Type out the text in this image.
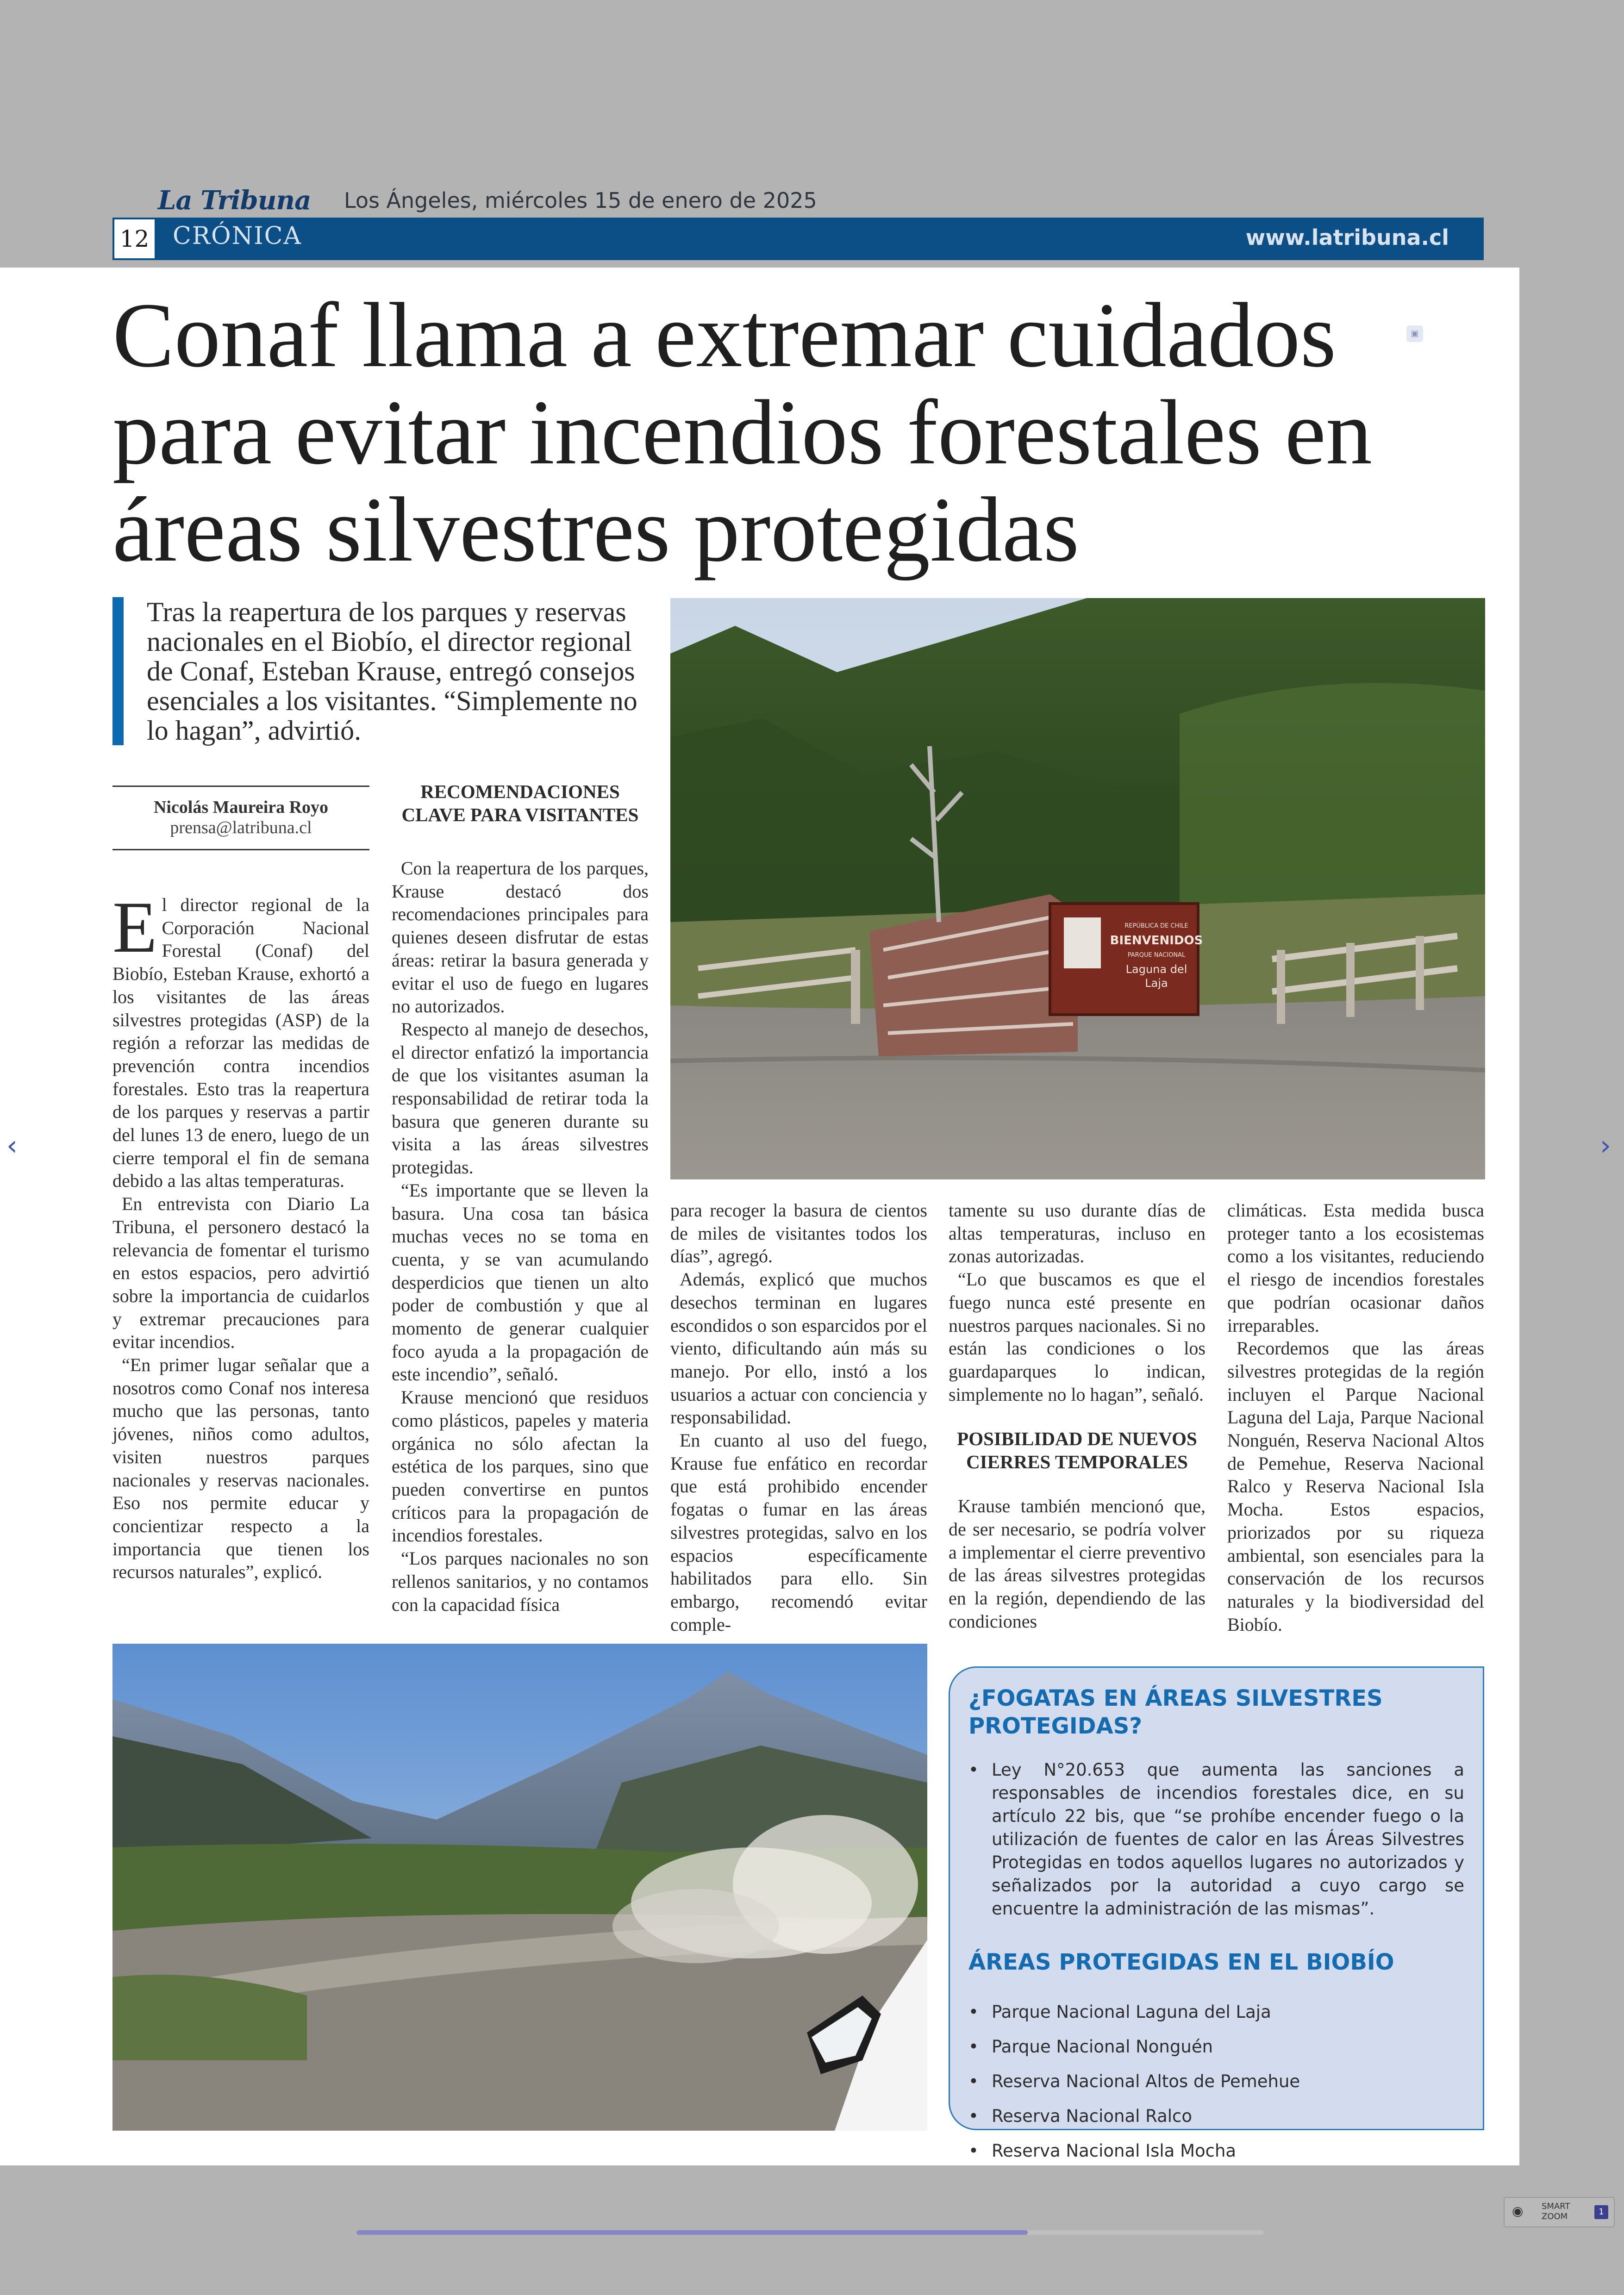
La Tribuna Los Ángeles, miércoles 15 de enero de 2025
12 CRÓNICA	www.latribuna.cl
Conaf llama a extremar cuidados para evitar incendios forestales en áreas silvestres protegidas
▣
Tras la reapertura de los parques y reservas nacionales en el Biobío, el director regional de Conaf, Esteban Krause, entregó consejos esenciales a los visitantes. “Simplemente no lo hagan”, advirtió.
REPÚBLICA DE CHILE
BIENVENIDOS
PARQUE NACIONAL
Laguna del
Laja
Nicolás Maureira Royo
prensa@latribuna.cl

El director regional de la Corporación Nacional Forestal (Conaf) del Biobío, Esteban Krause, exhortó a los visitantes de las áreas silvestres protegidas (ASP) de la región a reforzar las medidas de prevención contra incendios forestales. Esto tras la reapertura de los parques y reservas a partir del lunes 13 de enero, luego de un cierre temporal el fin de semana debido a las altas temperaturas.

En entrevista con Diario La Tribuna, el personero destacó la relevancia de fomentar el turismo en estos espacios, pero advirtió sobre la importancia de cuidarlos y extremar precauciones para evitar incendios.

“En primer lugar señalar que a nosotros como Conaf nos interesa mucho que las personas, tanto jóvenes, niños como adultos, visiten nuestros parques nacionales y reservas nacionales. Eso nos permite educar y concientizar respecto a la importancia que tienen los recursos naturales”, explicó.

RECOMENDACIONES CLAVE PARA VISITANTES

Con la reapertura de los parques, Krause destacó dos recomendaciones principales para quienes deseen disfrutar de estas áreas: retirar la basura generada y evitar el uso de fuego en lugares no autorizados.

Respecto al manejo de desechos, el director enfatizó la importancia de que los visitantes asuman la responsabilidad de retirar toda la basura que generen durante su visita a las áreas silvestres protegidas.

“Es importante que se lleven la basura. Una cosa tan básica muchas veces no se toma en cuenta, y se van acumulando desperdicios que tienen un alto poder de combustión y que al momento de generar cualquier foco ayuda a la propagación de este incendio”, señaló.

Krause mencionó que residuos como plásticos, papeles y materia orgánica no sólo afectan la estética de los parques, sino que pueden convertirse en puntos críticos para la propagación de incendios forestales.

“Los parques nacionales no son rellenos sanitarios, y no contamos con la capacidad física

para recoger la basura de cientos de miles de visitantes todos los días”, agregó.

Además, explicó que muchos desechos terminan en lugares escondidos o son esparcidos por el viento, dificultando aún más su manejo. Por ello, instó a los usuarios a actuar con conciencia y responsabilidad.

En cuanto al uso del fuego, Krause fue enfático en recordar que está prohibido encender fogatas o fumar en las áreas silvestres protegidas, salvo en los espacios específicamente habilitados para ello. Sin embargo, recomendó evitar comple-

tamente su uso durante días de altas temperaturas, incluso en zonas autorizadas.

“Lo que buscamos es que el fuego nunca esté presente en nuestros parques nacionales. Si no están las condiciones o los guardaparques lo indican, simplemente no lo hagan”, señaló.

POSIBILIDAD DE NUEVOS CIERRES TEMPORALES

Krause también mencionó que, de ser necesario, se podría volver a implementar el cierre preventivo de las áreas silvestres protegidas en la región, dependiendo de las condiciones

climáticas. Esta medida busca proteger tanto a los ecosistemas como a los visitantes, reduciendo el riesgo de incendios forestales que podrían ocasionar daños irreparables.

Recordemos que las áreas silvestres protegidas de la región incluyen el Parque Nacional Laguna del Laja, Parque Nacional Nonguén, Reserva Nacional Altos de Pemehue, Reserva Nacional Ralco y Reserva Nacional Isla Mocha. Estos espacios, priorizados por su riqueza ambiental, son esenciales para la conservación de los recursos naturales y la biodiversidad del Biobío.

¿FOGATAS EN ÁREAS SILVESTRES PROTEGIDAS?
• Ley N°20.653 que aumenta las sanciones a responsables de incendios forestales dice, en su artículo 22 bis, que “se prohíbe encender fuego o la utilización de fuentes de calor en las Áreas Silvestres Protegidas en todos aquellos lugares no autorizados y señalizados por la autoridad a cuyo cargo se encuentre la administración de las mismas”.
ÁREAS PROTEGIDAS EN EL BIOBÍO
• Parque Nacional Laguna del Laja
• Parque Nacional Nonguén
• Reserva Nacional Altos de Pemehue
• Reserva Nacional Ralco
• Reserva Nacional Isla Mocha
‹	›
◉ SMART ZOOM	1
